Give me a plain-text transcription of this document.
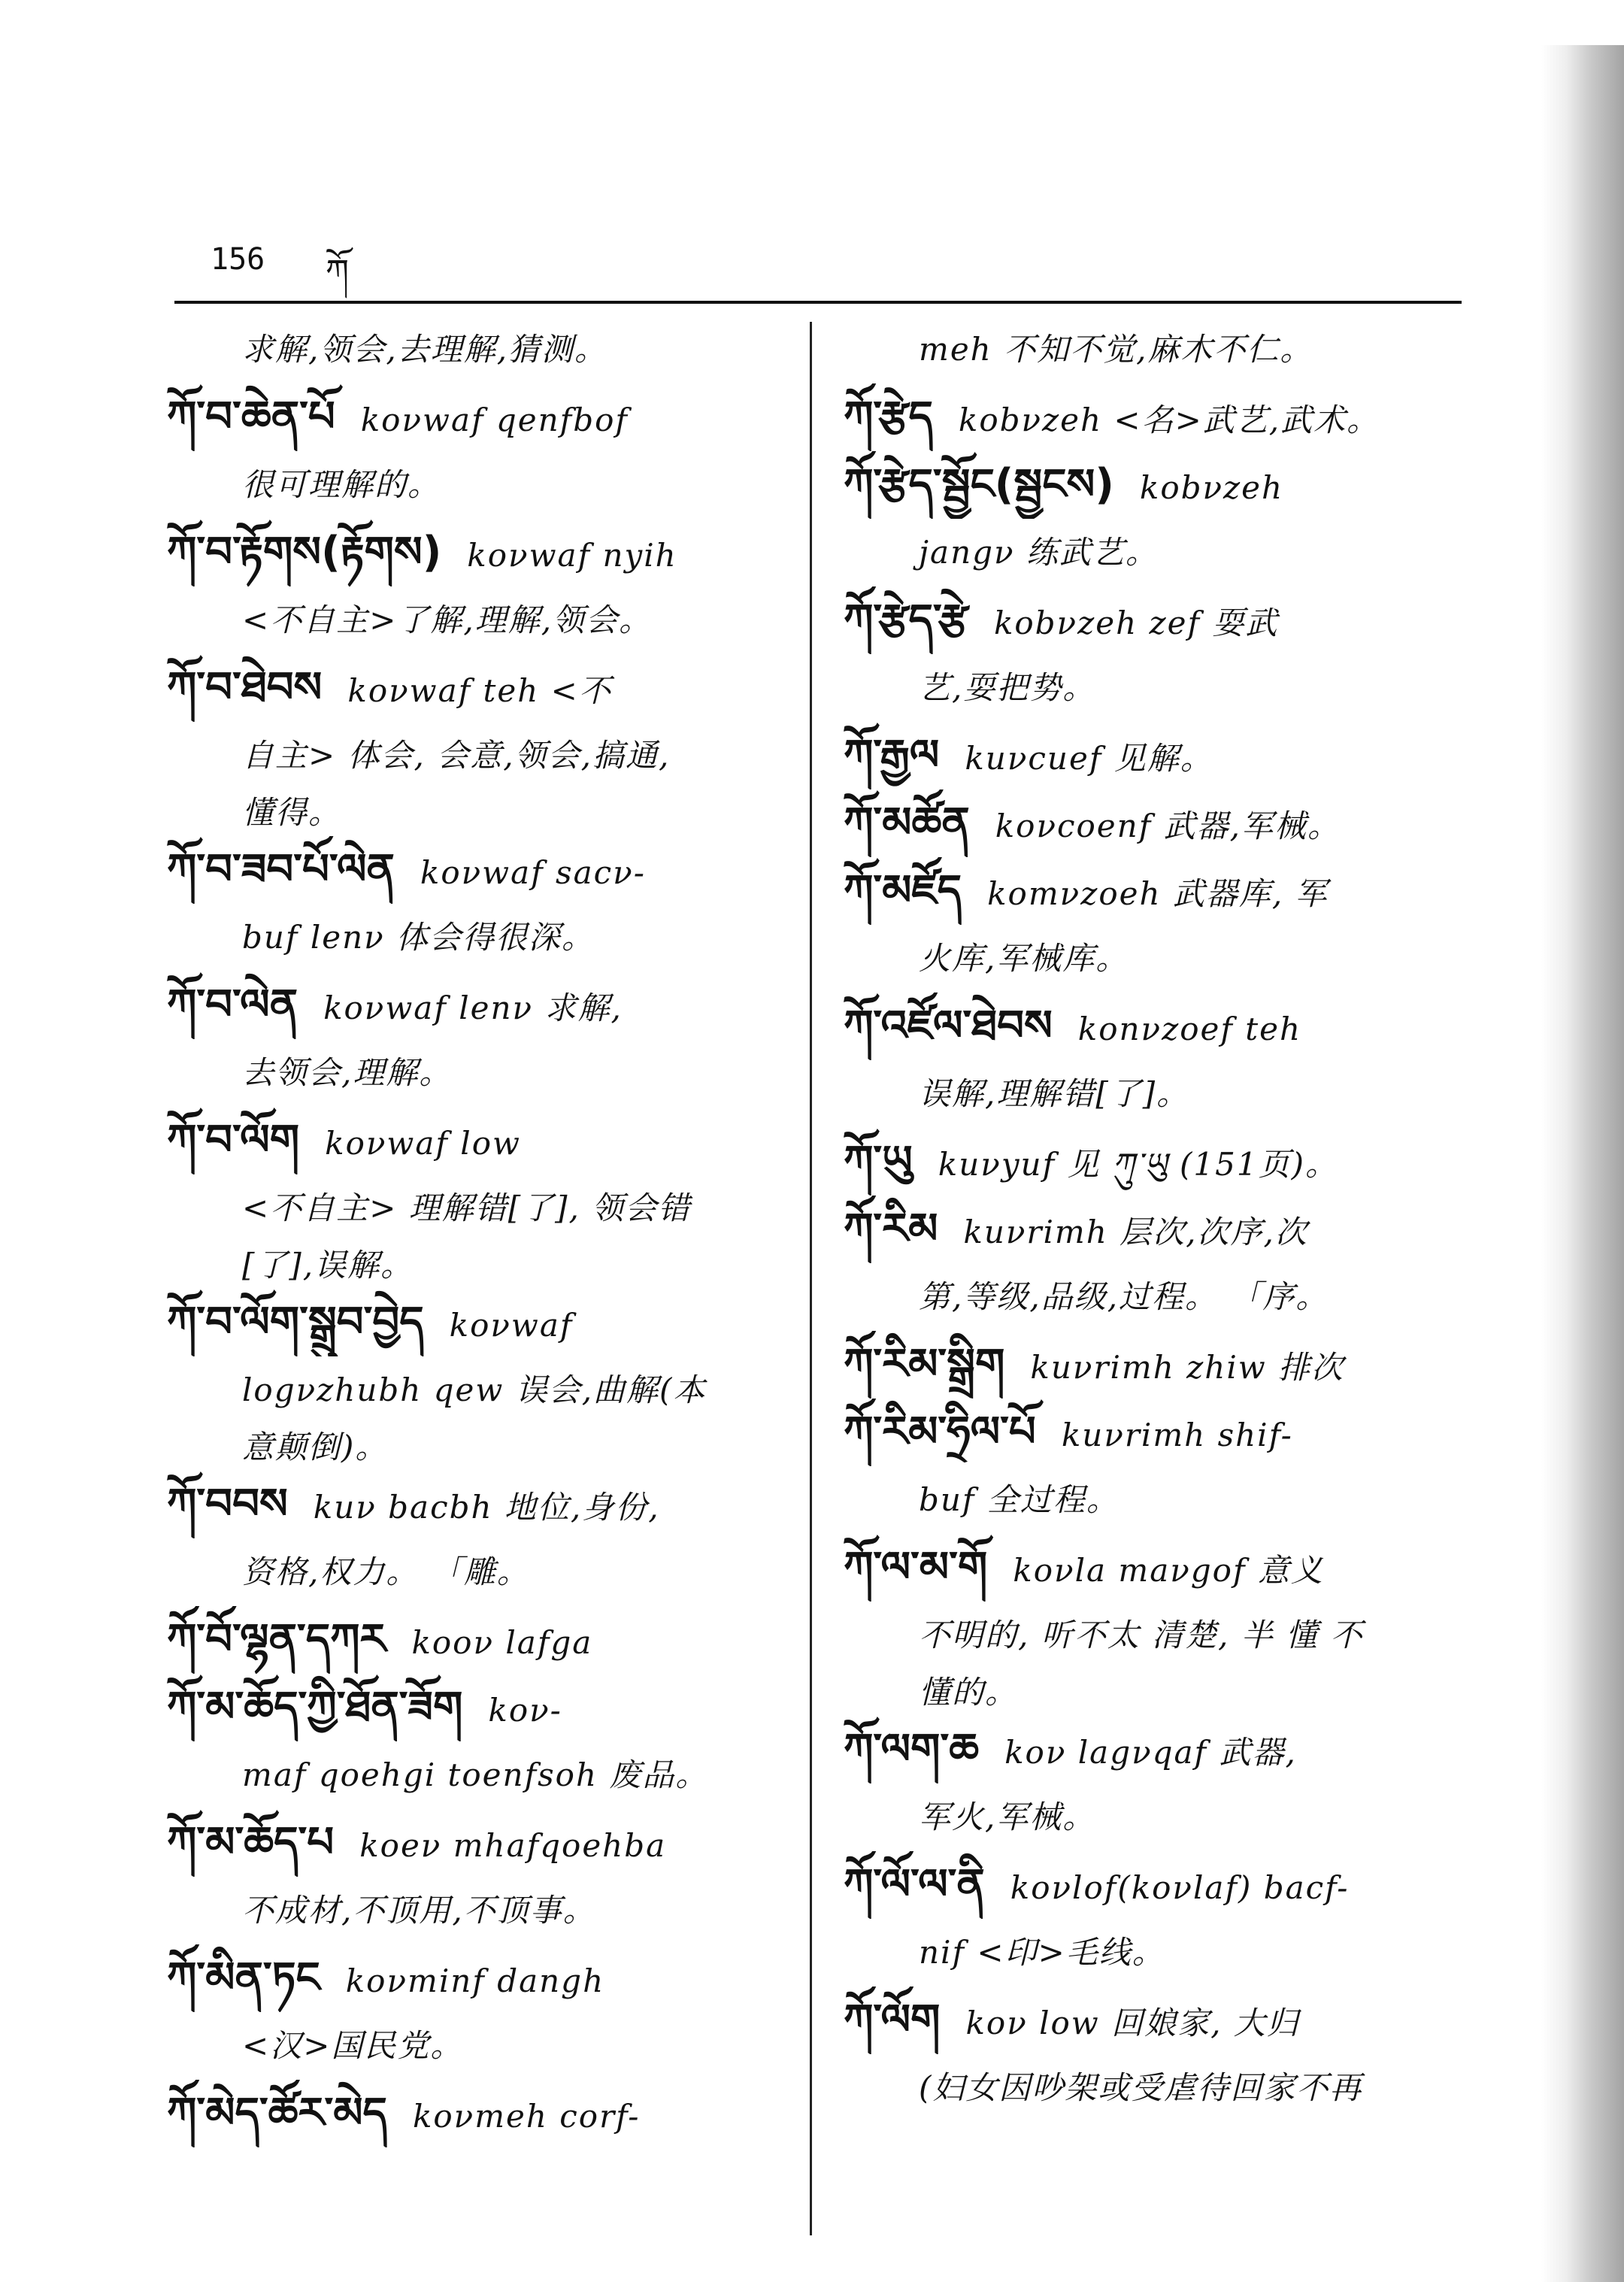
156 ཀོ
求解,领会,去理解,猜测。
ཀོ་བ་ཆེན་པོ koνwaf qenfbof
很可理解的。
ཀོ་བ་རྟོགས(རྟོགས) koνwaf nyih
<不自主>了解,理解,领会。
ཀོ་བ་ཐེབས koνwaf teh <不
自主> 体会, 会意,领会,搞通,
懂得。
ཀོ་བ་ཟབ་པོ་ལེན koνwaf sacν-
buf lenν 体会得很深。
ཀོ་བ་ལེན koνwaf lenν 求解,
去领会,理解。
ཀོ་བ་ལོག koνwaf low
<不自主> 理解错[了], 领会错
[了],误解。
ཀོ་བ་ལོག་སྒྲུབ་བྱེད koνwaf
logνzhubh qew 误会,曲解(本
意颠倒)。
ཀོ་བབས kuν bacbh 地位,身份,
资格,权力。 「雕。
ཀོ་བོ་ལྷན་དཀར kooν lafga
ཀོ་མ་ཆོད་ཀྱི་ཐོན་ཟོག koν-
maf qoehgi toenfsoh 废品。
ཀོ་མ་ཆོད་པ koeν mhafqoehba
不成材,不顶用,不顶事。
ཀོ་མིན་ཏང koνminf dangh
<汉>国民党。
ཀོ་མེད་ཚོར་མེད koνmeh corf-
meh 不知不觉,麻木不仁。
ཀོ་རྩེད kobνzeh <名>武艺,武术。
ཀོ་རྩེད་སྦྱོང(སྦྱངས) kobνzeh
jangν 练武艺。
ཀོ་རྩེད་རྩེ kobνzeh zef 耍武
艺,耍把势。
ཀོ་རྒྱལ kuνcuef 见解。
ཀོ་མཚོན koνcoenf 武器,军械。
ཀོ་མཛོད komνzoeh 武器库, 军
火库,军械库。
ཀོ་འཛོལ་ཐེབས konνzoef teh
误解,理解错[了]。
ཀོ་ཡུ kuνyuf 见 ཀུ་ཡུ (151页)。
ཀོ་རིམ kuνrimh 层次,次序,次
第,等级,品级,过程。 「序。
ཀོ་རིམ་སྒྲིག kuνrimh zhiw 排次
ཀོ་རིམ་ཧྲིལ་པོ kuνrimh shif-
buf 全过程。
ཀོ་ལ་མ་གོ koνla maνgof 意义
不明的, 听不太 清楚, 半 懂 不
懂的。
ཀོ་ལག་ཆ koν lagνqaf 武器,
军火,军械。
ཀོ་ལོ་ལ་ནི koνlof(koνlaf) bacf-
nif <印>毛线。
ཀོ་ལོག koν low 回娘家, 大归
(妇女因吵架或受虐待回家不再
